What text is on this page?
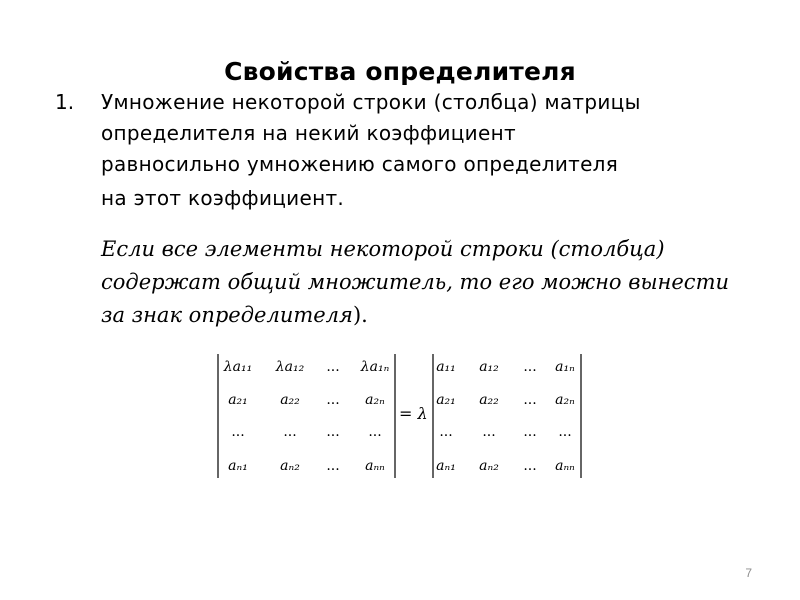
Свойства определителя
1. Умножение некоторой строки (столбца) матрицы
определителя на некий коэффициент
равносильно умножению самого определителя
на этот коэффициент.
Если все элементы некоторой строки (столбца)
содержат общий множитель, то его можно вынести
за знак определителя).
λa₁₁ λa₁₂ ... λa₁ₙ
a₂₁ a₂₂ ... a₂ₙ
...	... ... ...
aₙ₁ aₙ₂ ... aₙₙ
= λ
a₁₁ a₁₂ ... a₁ₙ
a₂₁ a₂₂ ... a₂ₙ
... ... ... ...
aₙ₁ aₙ₂ ... aₙₙ
7
